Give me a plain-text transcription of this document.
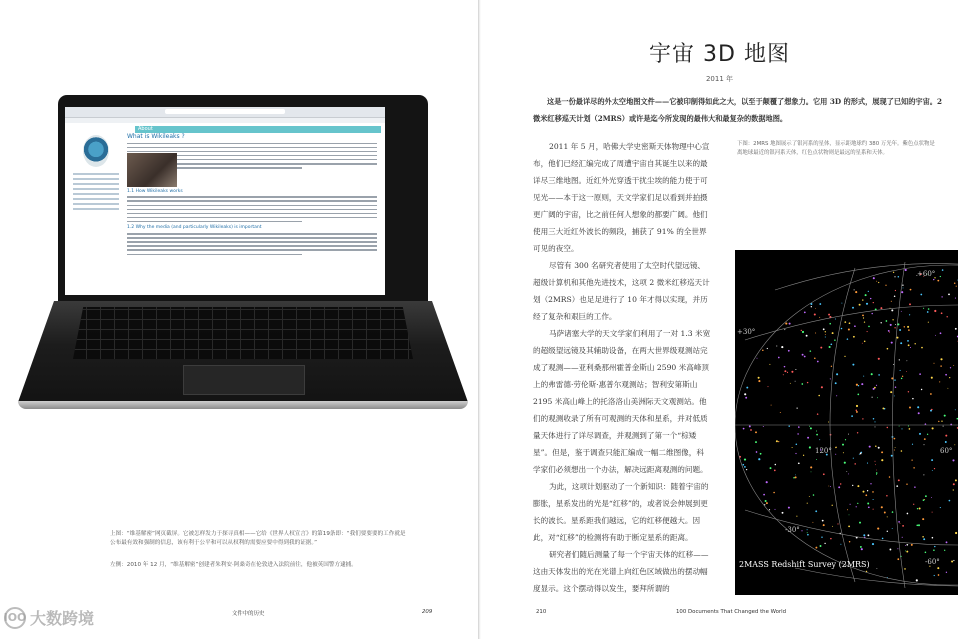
About
What is Wikileaks ?
1.1 How Wikileaks works
1.2 Why the media (and particularly Wikileaks) is important
上图：“维基解密”网页截屏。它被怎样发力于探寻真相——它给《世界人权宣言》的第19条即：“我们要要要的工作就是公布最有效和强制的信息，该有利于公平和可以从权利的需要应要中得到我的证据。”
左侧：2010 年 12 月，“维基解密”创建者朱利安·阿桑奇在伦敦进入法院前往，他被英国警方逮捕。
文件中的历史	209
IOO 大数跨境
宇宙 3D 地图
2011 年
这是一份最详尽的外太空地图文件——它被印制得如此之大，以至于颠覆了想象力。它用 3D 的形式，展现了已知的宇宙。2 微米红移巡天计划（2MRS）或许是迄今所发现的最伟大和最复杂的数据地图。

2011 年 5 月，哈佛大学史密斯天体物理中心宣布，他们已经汇编完成了周遭宇宙自其诞生以来的最详尽三维地图。近红外光穿透干扰尘埃的能力使于可见光——本于这一原则，天文学家们足以看到并拍摄更广阔的宇宙，比之前任何人想象的都要广阔。他们使用三大近红外波长的频段，捕获了 91% 的全世界可见的夜空。

尽管有 300 名研究者使用了太空时代望远镜、超级计算机和其他先进技术，这项 2 微米红移巡天计划（2MRS）也足足进行了 10 年才得以实现，并历经了复杂和艰巨的工作。

马萨诸塞大学的天文学家们利用了一对 1.3 米宽的超级望远镜及其辅助设备，在两大世界级观测站完成了观测——亚利桑那州霍普金斯山 2590 米高峰顶上的弗雷德·劳伦斯·惠普尔观测站；智利安第斯山 2195 米高山峰上的托洛洛山美洲际天文观测站。他们的观测收录了所有可观测的天体和星系，并对低质量天体进行了详尽调查，并观测到了第一个“棕矮星”。但是，鉴于调查只能汇编成一幅二维图像，科学家们必须想出一个办法，解决远距离观测的问题。

为此，这项计划驱动了一个新知识：随着宇宙的膨胀，星系发出的光是“红移”的，或者说会伸展到更长的波长。星系距我们越远，它的红移便越大。因此，对“红移”的检测将有助于断定星系的距离。

研究者们随后测量了每一个宇宙天体的红移——这由天体发出的光在光谱上向红色区域做出的摆动幅度显示。这个摆动得以发生，要拜所谓的

下图：2MRS 地图展示了银河系的星体，显示距地球约 380 万光年。紫色点状物是离地球最近的银河系天体，红色点状物则是最远的星系和天体。
+60°
+30°
120°	60°
-30°
-60°
2MASS Redshift Survey (2MRS)
210	100 Documents That Changed the World
